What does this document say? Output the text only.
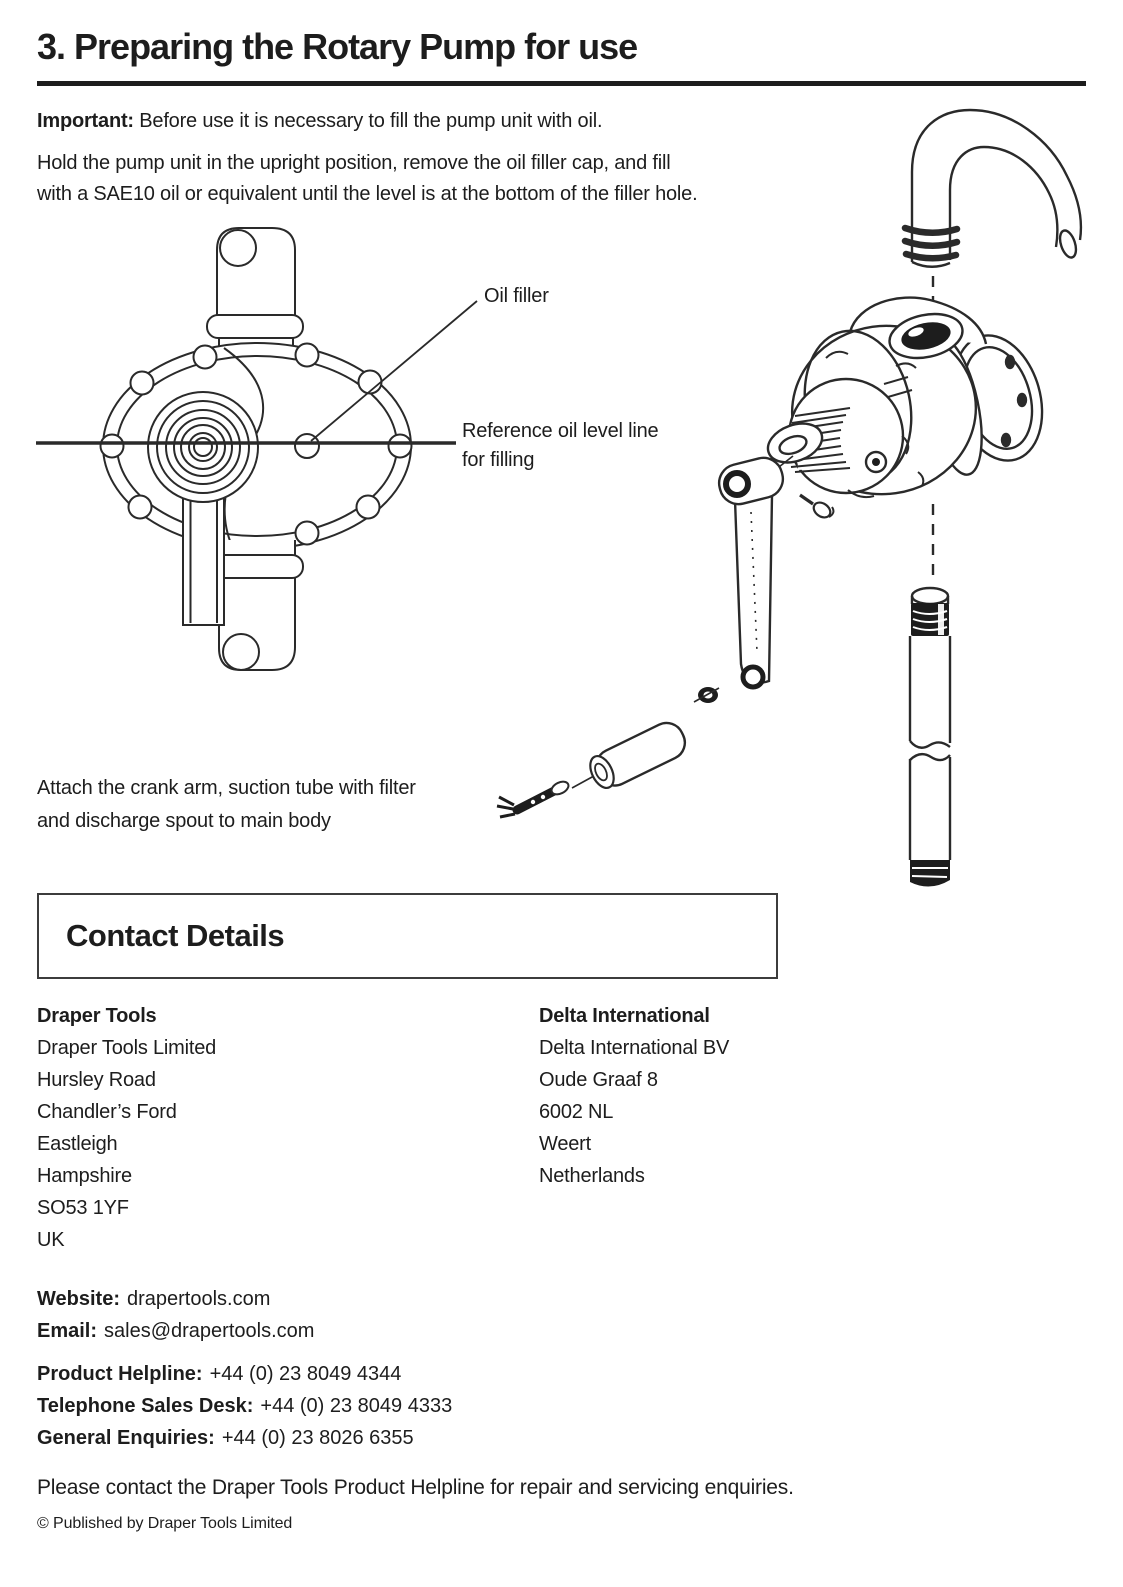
3. Preparing the Rotary Pump for use
Important: Before use it is necessary to fill the pump unit with oil.
Hold the pump unit in the upright position, remove the oil filler cap, and fill
with a SAE10 oil or equivalent until the level is at the bottom of the filler hole.
Oil filler
Reference oil level line
for filling
Attach the crank arm, suction tube with filter
and discharge spout to main body
Contact Details
Draper Tools
Draper Tools Limited
Hursley Road
Chandler’s Ford
Eastleigh
Hampshire
SO53 1YF
UK
Delta International
Delta International BV
Oude Graaf 8
6002 NL
Weert
Netherlands
Website: drapertools.com
Email: sales@drapertools.com
Product Helpline: +44 (0) 23 8049 4344
Telephone Sales Desk: +44 (0) 23 8049 4333
General Enquiries: +44 (0) 23 8026 6355
Please contact the Draper Tools Product Helpline for repair and servicing enquiries.
© Published by Draper Tools Limited
